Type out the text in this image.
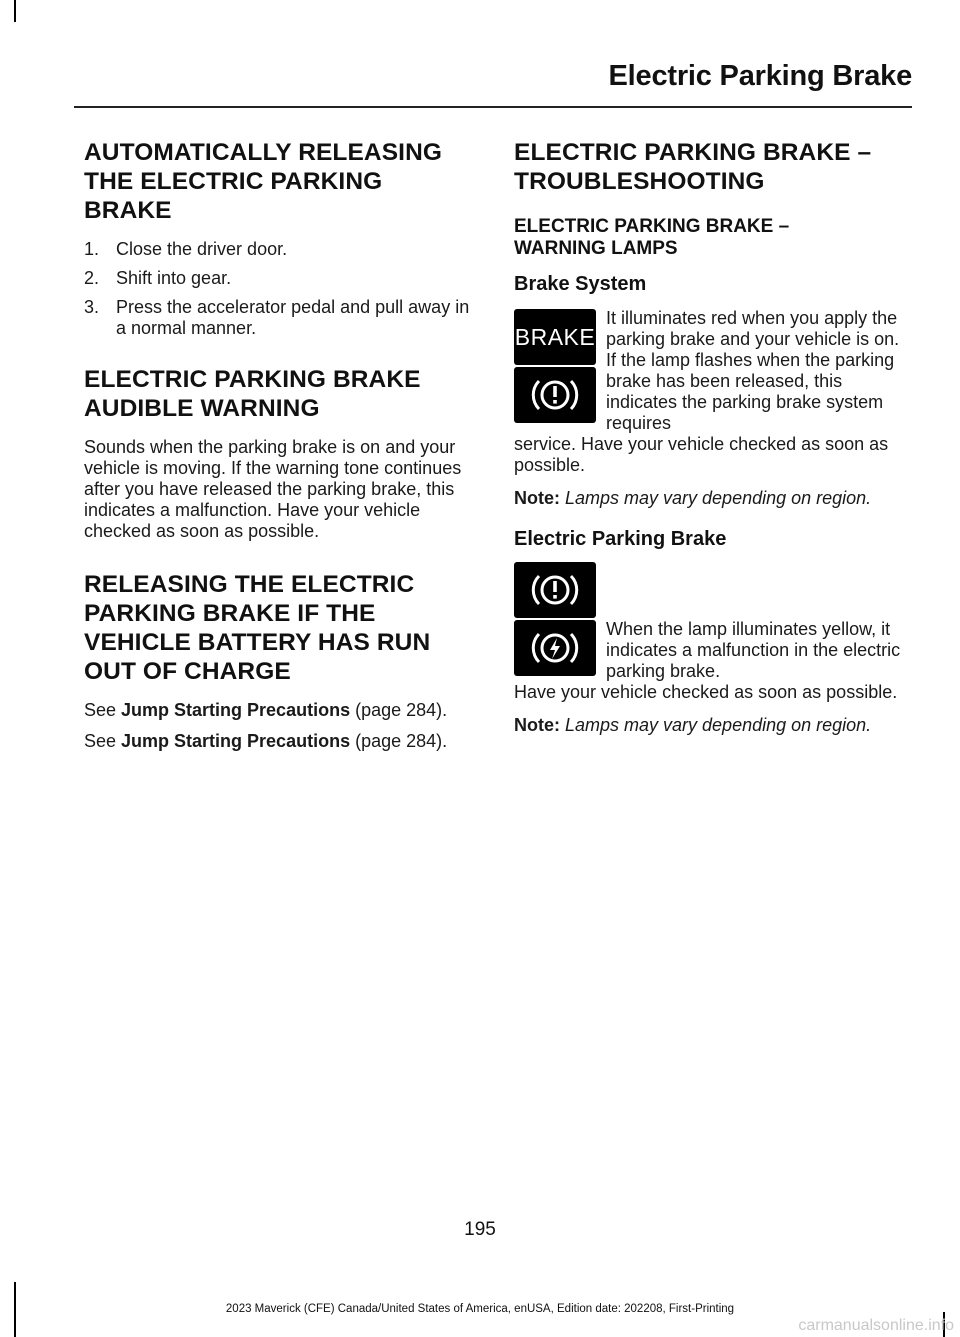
Electric Parking Brake
AUTOMATICALLY RELEASING
THE ELECTRIC PARKING
BRAKE
1. Close the driver door.
2. Shift into gear.
3. Press the accelerator pedal and pull away in a normal manner.
ELECTRIC PARKING BRAKE
AUDIBLE WARNING

Sounds when the parking brake is on and your vehicle is moving. If the warning tone continues after you have released the parking brake, this indicates a malfunction. Have your vehicle checked as soon as possible.

RELEASING THE ELECTRIC
PARKING BRAKE IF THE
VEHICLE BATTERY HAS RUN
OUT OF CHARGE

See Jump Starting Precautions (page 284).

See Jump Starting Precautions (page 284).

ELECTRIC PARKING BRAKE –
TROUBLESHOOTING
ELECTRIC PARKING BRAKE –
WARNING LAMPS
Brake System
BRAKE

It illuminates red when you apply the parking brake and your vehicle is on. If the lamp flashes when the parking brake has been released, this indicates the parking brake system requires

service. Have your vehicle checked as soon as possible.

Note: Lamps may vary depending on region.

Electric Parking Brake

When the lamp illuminates yellow, it indicates a malfunction in the electric parking brake.

Have your vehicle checked as soon as possible.

Note: Lamps may vary depending on region.

195
2023 Maverick (CFE) Canada/United States of America, enUSA, Edition date: 202208, First-Printing
carmanualsonline.info
